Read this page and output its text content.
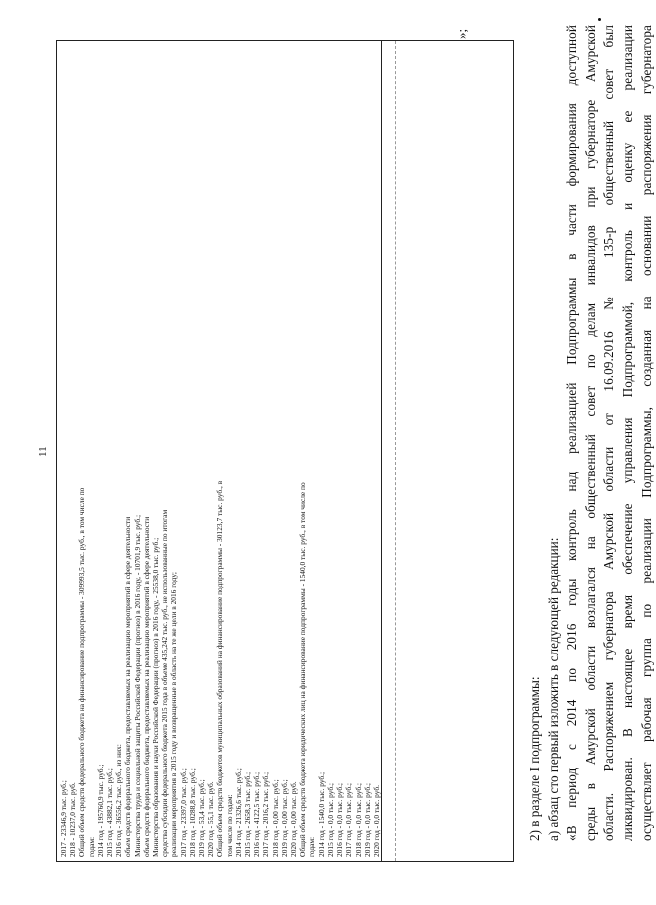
11
2017 - 23346,9 тыс. руб.; 2018 - 10237,0 тыс. руб. Общий объем средств федерального бюджета на финансирование подпрограммы - 309993,5 тыс. руб., в том числе по годам: 2014 год - 195760,9 тыс. руб.; 2015 год - 43882,1 тыс. руб.; 2016 год - 36556,2 тыс. руб., из них: объем средств федерального бюджета, предоставляемых на реализацию мероприятий в сфере деятельности Министерства труда и социальной защиты Российской Федерации (прогноз) в 2016 году, - 10701,9 тыс. руб.; объем средств федерального бюджета, предоставляемых на реализацию мероприятий в сфере деятельности Министерства образования и науки Российской Федерации (прогноз) в 2016 году, - 25538,0 тыс. руб.; средства субсидии федерального бюджета 2015 года в объеме 435,242 тыс. руб., не использованные по итогам реализации мероприятия в 2015 году и возвращенные в область на те же цели в 2016 году; 2017 год - 23397,0 тыс. руб.; 2018 год - 10288,8 тыс. руб.; 2019 год - 53,4 тыс. руб.; 2020 год - 55,1 тыс. руб. Общий объем средств бюджетов муниципальных образований на финансирование подпрограммы - 30123,7 тыс. руб., в том числе по годам: 2014 год - 21326,6 тыс. руб.; 2015 год - 2658,3 тыс. руб.; 2016 год - 4122,5 тыс. руб.; 2017 год - 2016,2 тыс. руб.; 2018 год - 0,00 тыс. руб.; 2019 год - 0,00 тыс. руб.; 2020 год - 0,00 тыс. руб. Общий объем средств бюджета юридических лиц на финансирование подпрограммы - 1540,0 тыс. руб., в том числе по годам: 2014 год - 1540,0 тыс. руб.; 2015 год - 0,0 тыс. руб.; 2016 год - 0,0 тыс. руб.; 2017 год - 0,0 тыс. руб.; 2018 год - 0,0 тыс. руб.; 2019 год - 0,0 тыс. руб.; 2020 год - 0,0 тыс. руб.
»;
2) в разделе I подпрограммы: а) абзац сто первый изложить в следующей редакции: «В период с 2014 по 2016 годы контроль над реализацией Подпрограммы в части формирования доступной среды в Амурской области возлагался на общественный совет по делам инвалидов при губернаторе Амурской области. Распоряжением губернатора Амурской области от 16.09.2016 № 135-р общественный совет был ликвидирован. В настоящее время обеспечение управления Подпрограммой, контроль и оценку ее реализации осуществляет рабочая группа по реализации Подпрограммы, созданная на основании распоряжения губернатора
